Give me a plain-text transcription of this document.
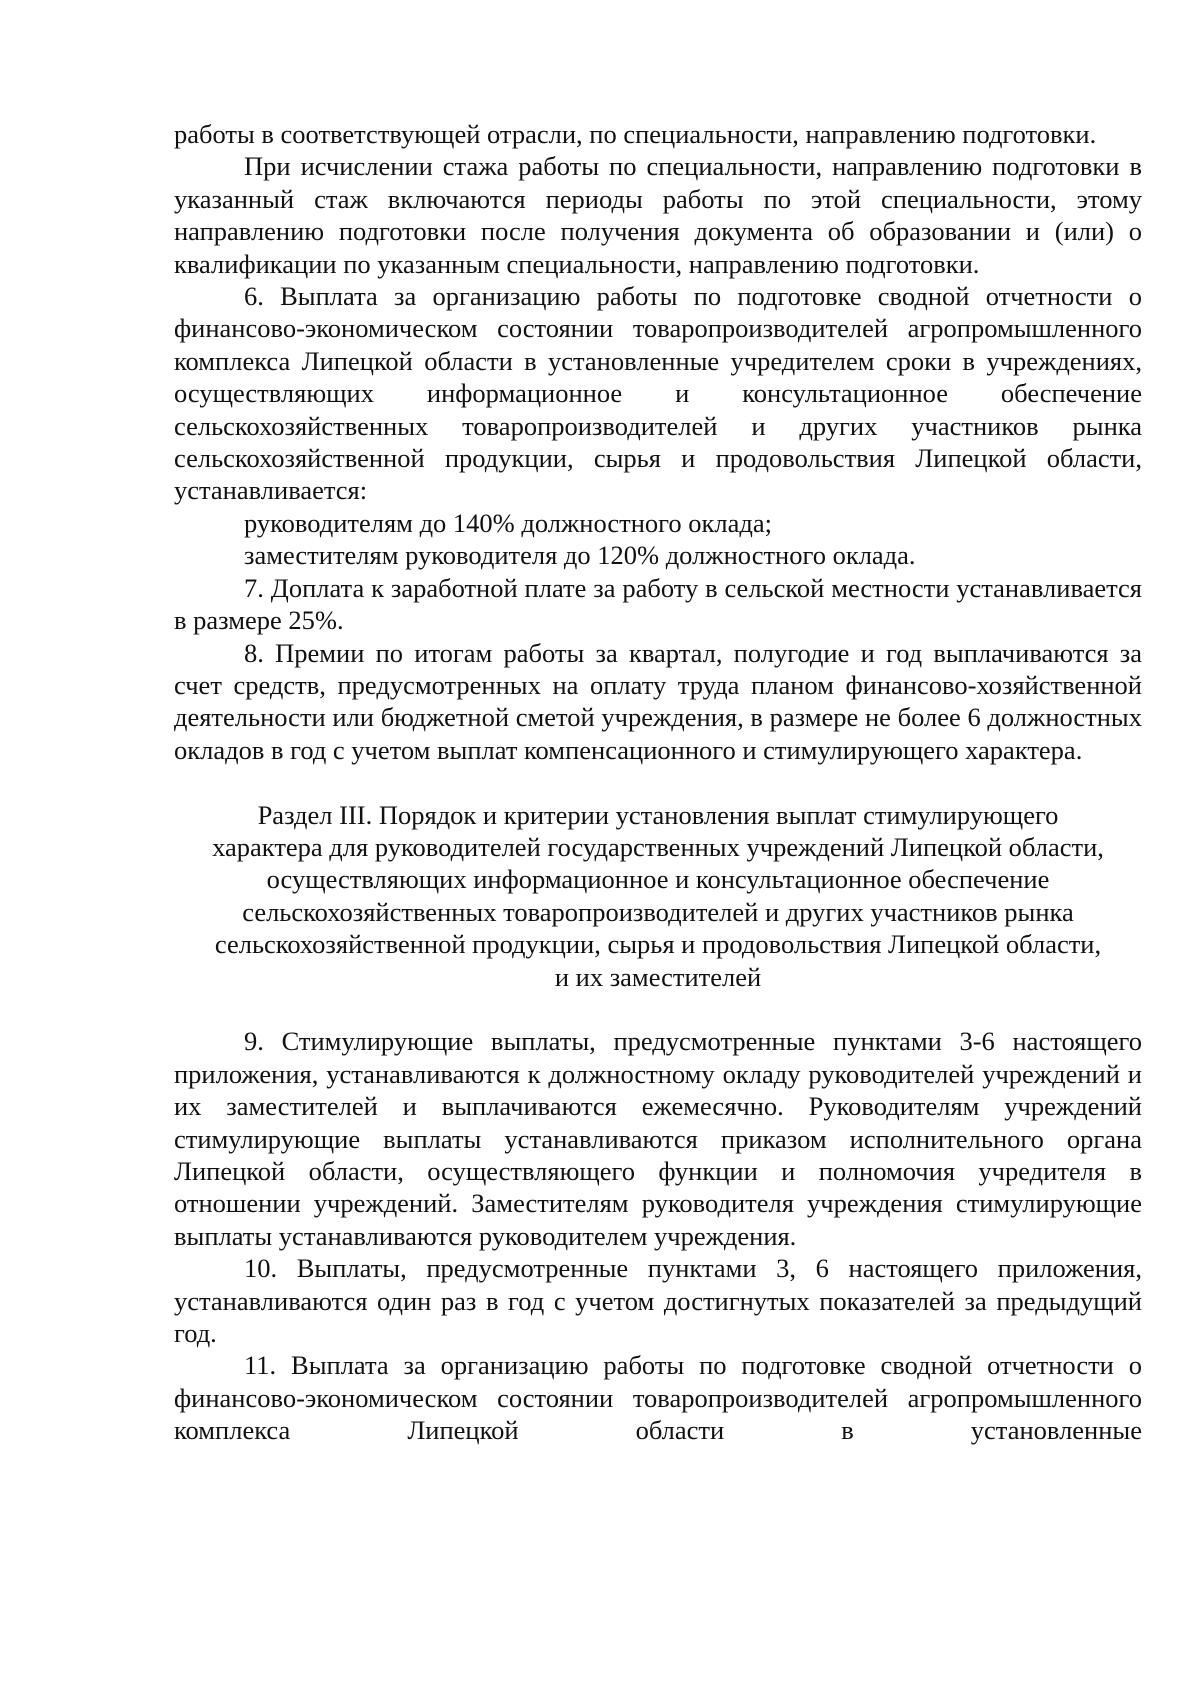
работы в соответствующей отрасли, по специальности, направлению подготовки.

При исчислении стажа работы по специальности, направлению подготовки в указанный стаж включаются периоды работы по этой специальности, этому направлению подготовки после получения документа об образовании и (или) о квалификации по указанным специальности, направлению подготовки.

6. Выплата за организацию работы по подготовке сводной отчетности о финансово-экономическом состоянии товаропроизводителей агропромышленного комплекса Липецкой области в установленные учредителем сроки в учреждениях, осуществляющих информационное и консультационное обеспечение сельскохозяйственных товаропроизводителей и других участников рынка сельскохозяйственной продукции, сырья и продовольствия Липецкой области, устанавливается:

руководителям до 140% должностного оклада;

заместителям руководителя до 120% должностного оклада.

7. Доплата к заработной плате за работу в сельской местности устанавливается в размере 25%.

8. Премии по итогам работы за квартал, полугодие и год выплачиваются за счет средств, предусмотренных на оплату труда планом финансово-хозяйственной деятельности или бюджетной сметой учреждения, в размере не более 6 должностных окладов в год с учетом выплат компенсационного и стимулирующего характера.

Раздел III. Порядок и критерии установления выплат стимулирующего
характера для руководителей государственных учреждений Липецкой области,
осуществляющих информационное и консультационное обеспечение
сельскохозяйственных товаропроизводителей и других участников рынка
сельскохозяйственной продукции, сырья и продовольствия Липецкой области,
и их заместителей

9. Стимулирующие выплаты, предусмотренные пунктами 3-6 настоящего приложения, устанавливаются к должностному окладу руководителей учреждений и их заместителей и выплачиваются ежемесячно. Руководителям учреждений стимулирующие выплаты устанавливаются приказом исполнительного органа Липецкой области, осуществляющего функции и полномочия учредителя в отношении учреждений. Заместителям руководителя учреждения стимулирующие выплаты устанавливаются руководителем учреждения.

10. Выплаты, предусмотренные пунктами 3, 6 настоящего приложения, устанавливаются один раз в год с учетом достигнутых показателей за предыдущий год.

11. Выплата за организацию работы по подготовке сводной отчетности о финансово-экономическом состоянии товаропроизводителей агропромышленного комплекса Липецкой области в установленные
